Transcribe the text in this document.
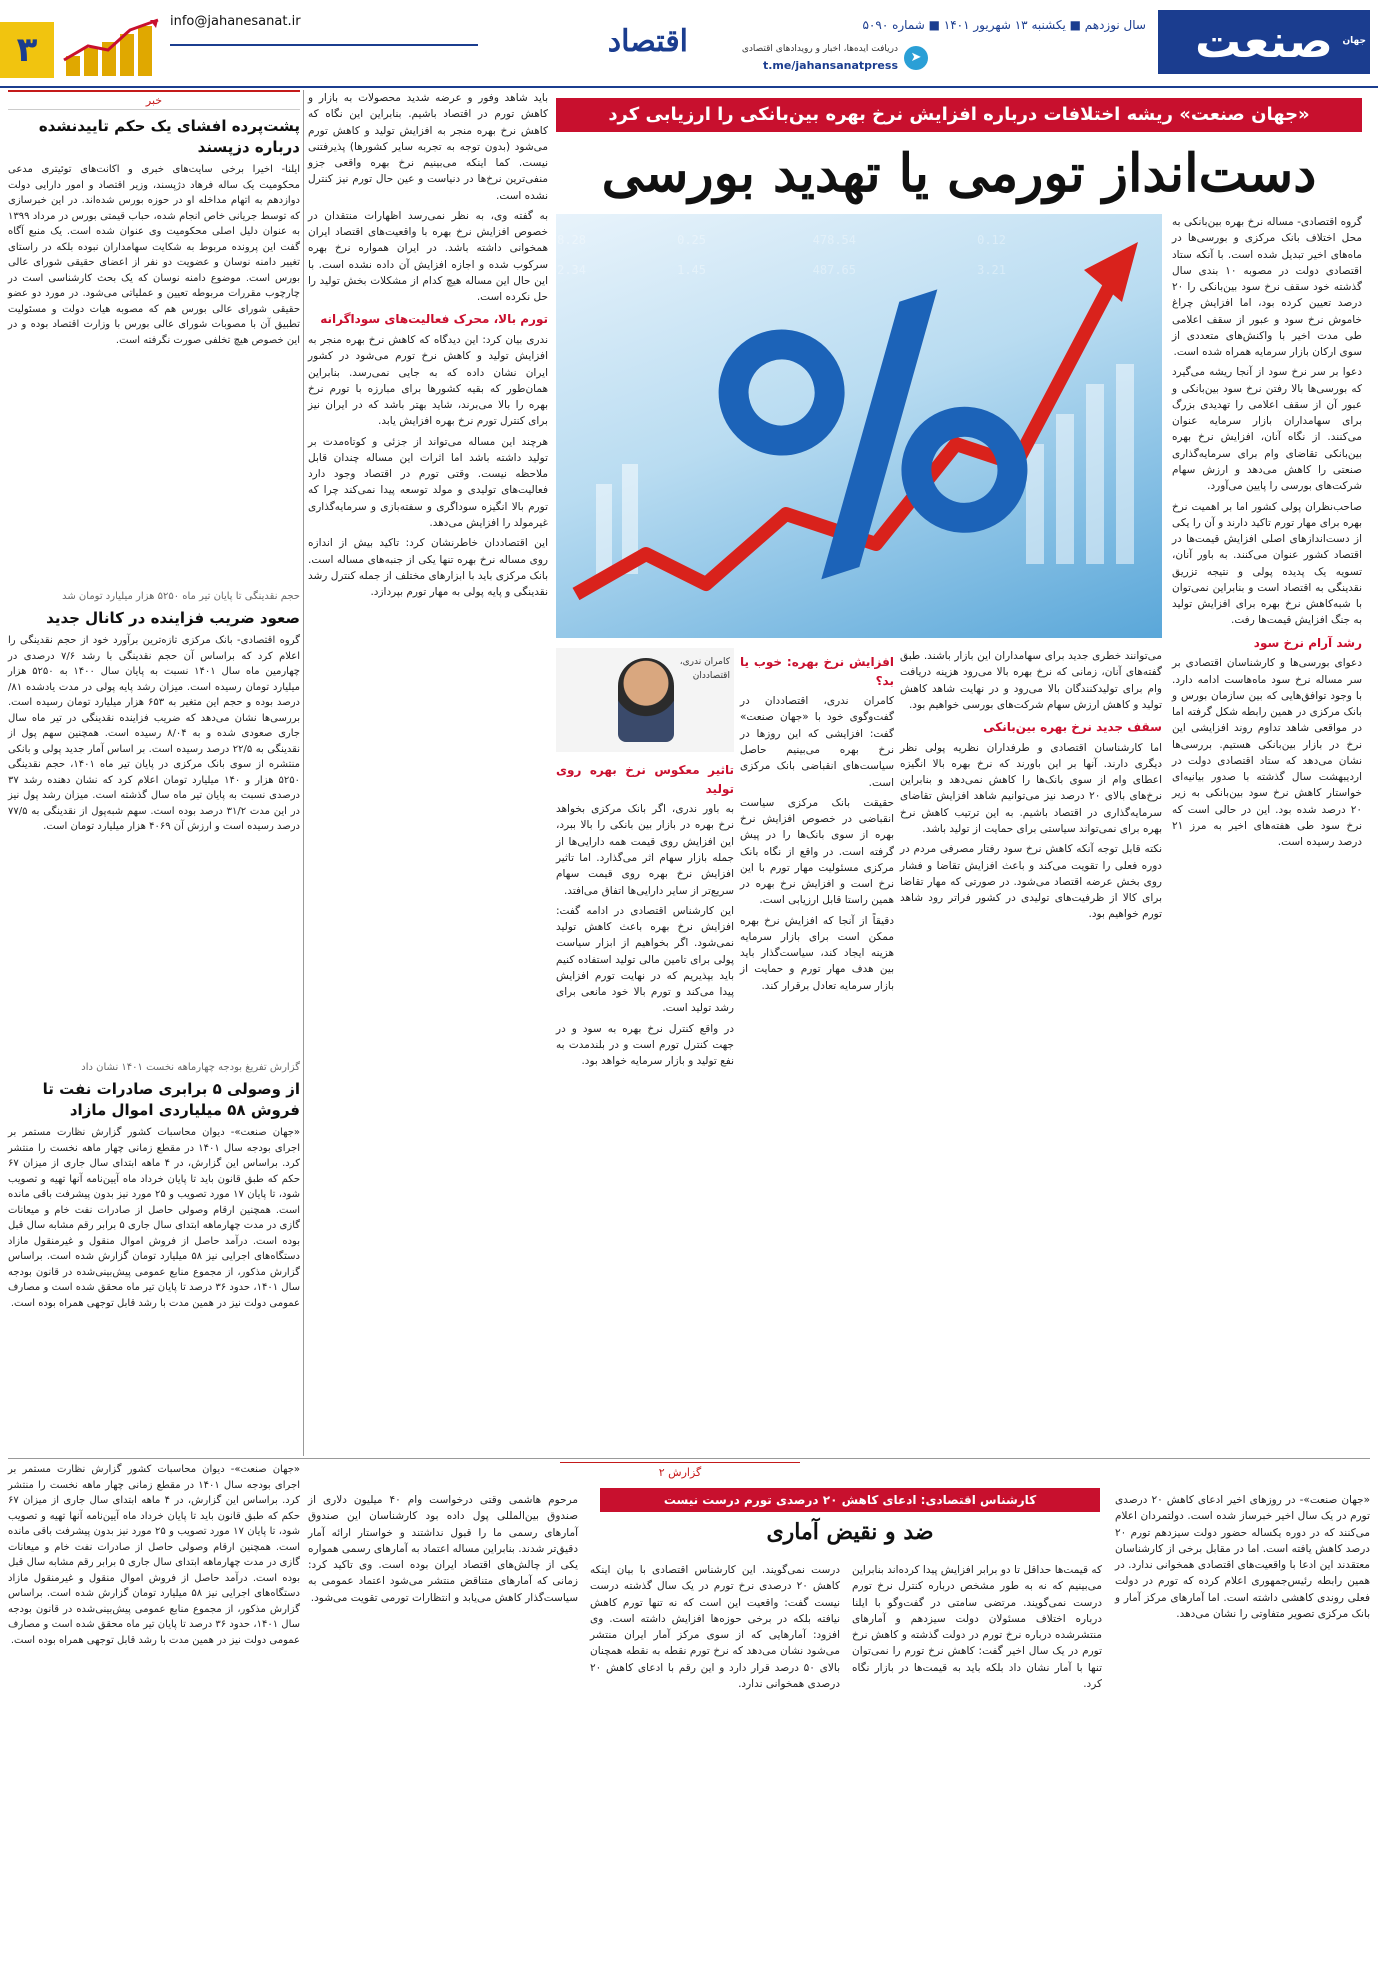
صنعت جهان
سال نوزدهم ■ یکشنبه ۱۳ شهریور ۱۴۰۱ ■ شماره ۵۰۹۰
➤
دریافت ایده‌ها، اخبار و رویدادهای اقتصادی
t.me/jahansanatpress
اقتصاد
info@jahanesanat.ir
۳
«جهان صنعت» ریشه اختلافات درباره افزایش نرخ بهره بین‌بانکی را ارزیابی کرد
دست‌انداز تورمی یا تهدید بورسی
478.28	0.25	478.54	0.12
332.34	1.45	487.65	3.21

گروه اقتصادی- مساله نرخ بهره بین‌بانکی به محل اختلاف بانک مرکزی و بورسی‌ها در ماه‌های اخیر تبدیل شده است. با آنکه ستاد اقتصادی دولت در مصوبه ۱۰ بندی سال گذشته خود سقف نرخ سود بین‌بانکی را ۲۰ درصد تعیین کرده بود، اما افزایش چراغ خاموش نرخ سود و عبور از سقف اعلامی طی مدت اخیر با واکنش‌های متعددی از سوی ارکان بازار سرمایه همراه شده است.

دعوا بر سر نرخ سود از آنجا ریشه می‌گیرد که بورسی‌ها بالا رفتن نرخ سود بین‌بانکی و عبور آن از سقف اعلامی را تهدیدی بزرگ برای سهامداران بازار سرمایه عنوان می‌کنند. از نگاه آنان، افزایش نرخ بهره بین‌بانکی تقاضای وام برای سرمایه‌گذاری صنعتی را کاهش می‌دهد و ارزش سهام شرکت‌های بورسی را پایین می‌آورد.

صاحب‌نظران پولی کشور اما بر اهمیت نرخ بهره برای مهار تورم تاکید دارند و آن را یکی از دست‌اندازهای اصلی افزایش قیمت‌ها در اقتصاد کشور عنوان می‌کنند. به باور آنان، تسویه یک پدیده پولی و نتیجه تزریق نقدینگی به اقتصاد است و بنابراین نمی‌توان با شبه‌کاهش نرخ بهره برای افزایش تولید به جنگ افزایش قیمت‌ها رفت.

رشد آرام نرخ سود

دعوای بورسی‌ها و کارشناسان اقتصادی بر سر مساله نرخ سود ماه‌هاست ادامه دارد. با وجود توافق‌هایی که بین سازمان بورس و بانک مرکزی در همین رابطه شکل گرفته اما در مواقعی شاهد تداوم روند افزایشی این نرخ در بازار بین‌بانکی هستیم. بررسی‌ها نشان می‌دهد که ستاد اقتصادی دولت در اردیبهشت سال گذشته با صدور بیانیه‌ای خواستار کاهش نرخ سود بین‌بانکی به زیر ۲۰ درصد شده بود. این در حالی است که نرخ سود طی هفته‌های اخیر به مرز ۲۱ درصد رسیده است.

می‌توانند خطری جدید برای سهامداران این بازار باشند. طبق گفته‌های آنان، زمانی که نرخ بهره بالا می‌رود هزینه دریافت وام برای تولیدکنندگان بالا می‌رود و در نهایت شاهد کاهش تولید و کاهش ارزش سهام شرکت‌های بورسی خواهیم بود.

سقف جدید نرخ بهره بین‌بانکی

اما کارشناسان اقتصادی و طرفداران نظریه پولی نظر دیگری دارند. آنها بر این باورند که نرخ بهره بالا انگیزه اعطای وام از سوی بانک‌ها را کاهش نمی‌دهد و بنابراین نرخ‌های بالای ۲۰ درصد نیز می‌توانیم شاهد افزایش تقاضای سرمایه‌گذاری در اقتصاد باشیم. به این ترتیب کاهش نرخ بهره برای نمی‌تواند سیاستی برای حمایت از تولید باشد.

نکته قابل توجه آنکه کاهش نرخ سود رفتار مصرفی مردم در دوره فعلی را تقویت می‌کند و باعث افزایش تقاضا و فشار روی بخش عرضه اقتصاد می‌شود. در صورتی که مهار تقاضا برای کالا از ظرفیت‌های تولیدی در کشور فراتر رود شاهد تورم خواهیم بود.

افزایش نرخ بهره: خوب یا بد؟

کامران ندری، اقتصاددان در گفت‌وگوی خود با «جهان صنعت» گفت: افزایشی که این روزها در نرخ بهره می‌بینیم حاصل سیاست‌های انقباضی بانک مرکزی است.

حقیقت بانک مرکزی سیاست انقباضی در خصوص افزایش نرخ بهره از سوی بانک‌ها را در پیش گرفته است. در واقع از نگاه بانک مرکزی مسئولیت مهار تورم با این نرخ است و افزایش نرخ بهره در همین راستا قابل ارزیابی است.

دقیقاً از آنجا که افزایش نرخ بهره ممکن است برای بازار سرمایه هزینه ایجاد کند، سیاست‌گذار باید بین هدف مهار تورم و حمایت از بازار سرمایه تعادل برقرار کند.

کامران ندری، اقتصاددان
تاثیر معکوس نرخ بهره روی تولید

به باور ندری، اگر بانک مرکزی بخواهد نرخ بهره در بازار بین بانکی را بالا ببرد، این افزایش روی قیمت همه دارایی‌ها از جمله بازار سهام اثر می‌گذارد. اما تاثیر افزایش نرخ بهره روی قیمت سهام سریع‌تر از سایر دارایی‌ها اتفاق می‌افتد.

این کارشناس اقتصادی در ادامه گفت: افزایش نرخ بهره باعث کاهش تولید نمی‌شود. اگر بخواهیم از ابزار سیاست پولی برای تامین مالی تولید استفاده کنیم باید بپذیریم که در نهایت تورم افزایش پیدا می‌کند و تورم بالا خود مانعی برای رشد تولید است.

در واقع کنترل نرخ بهره به سود و در جهت کنترل تورم است و در بلندمدت به نفع تولید و بازار سرمایه خواهد بود.

باید شاهد وفور و عرضه شدید محصولات به بازار و کاهش تورم در اقتصاد باشیم. بنابراین این نگاه که کاهش نرخ بهره منجر به افزایش تولید و کاهش تورم می‌شود (بدون توجه به تجربه سایر کشورها) پذیرفتنی نیست. کما اینکه می‌بینیم نرخ بهره واقعی جزو منفی‌ترین نرخ‌ها در دنیاست و عین حال تورم نیز کنترل نشده است.

به گفته وی، به نظر نمی‌رسد اظهارات منتقدان در خصوص افزایش نرخ بهره با واقعیت‌های اقتصاد ایران همخوانی داشته باشد. در ایران همواره نرخ بهره سرکوب شده و اجازه افزایش آن داده نشده است. با این حال این مساله هیچ کدام از مشکلات بخش تولید را حل نکرده است.

تورم بالا، محرک فعالیت‌های سوداگرانه

ندری بیان کرد: این دیدگاه که کاهش نرخ بهره منجر به افزایش تولید و کاهش نرخ تورم می‌شود در کشور ایران نشان داده که به جایی نمی‌رسد. بنابراین همان‌طور که بقیه کشورها برای مبارزه با تورم نرخ بهره را بالا می‌برند، شاید بهتر باشد که در ایران نیز برای کنترل تورم نرخ بهره افزایش یابد.

هرچند این مساله می‌تواند از جزئی و کوتاه‌مدت بر تولید داشته باشد اما اثرات این مساله چندان قابل ملاحظه نیست. وقتی تورم در اقتصاد وجود دارد فعالیت‌های تولیدی و مولد توسعه پیدا نمی‌کند چرا که تورم بالا انگیزه سوداگری و سفته‌بازی و سرمایه‌گذاری غیرمولد را افزایش می‌دهد.

این اقتصاددان خاطرنشان کرد: تاکید بیش از اندازه روی مساله نرخ بهره تنها یکی از جنبه‌های مساله است. بانک مرکزی باید با ابزارهای مختلف از جمله کنترل رشد نقدینگی و پایه پولی به مهار تورم بپردازد.

خبر
پشت‌پرده افشای یک حکم تاییدنشده درباره دزپسند
ایلنا- اخیرا برخی سایت‌های خبری و اکانت‌های توئیتری مدعی محکومیت یک ساله فرهاد دژپسند، وزیر اقتصاد و امور دارایی دولت دوازدهم به اتهام مداخله او در حوزه بورس شده‌اند. در این خبرسازی که توسط جریانی خاص انجام شده، حباب قیمتی بورس در مرداد ۱۳۹۹ به عنوان دلیل اصلی محکومیت وی عنوان شده است. یک منبع آگاه گفت این پرونده مربوط به شکایت سهامداران نبوده بلکه در راستای تغییر دامنه نوسان و عضویت دو نفر از اعضای حقیقی شورای عالی بورس است. موضوع دامنه نوسان که یک بحث کارشناسی است در چارچوب مقررات مربوطه تعیین و عملیاتی می‌شود. در مورد دو عضو حقیقی شورای عالی بورس هم که مصوبه هیات دولت و مسئولیت تطبیق آن با مصوبات شورای عالی بورس با وزارت اقتصاد بوده و در این خصوص هیچ تخلفی صورت نگرفته است.
حجم نقدینگی تا پایان تیر ماه ۵۲۵۰ هزار میلیارد تومان شد
صعود ضریب فزاینده در کانال جدید
گروه اقتصادی- بانک مرکزی تازه‌ترین برآورد خود از حجم نقدینگی را اعلام کرد که براساس آن حجم نقدینگی با رشد ۷/۶ درصدی در چهارمین ماه سال ۱۴۰۱ نسبت به پایان سال ۱۴۰۰ به ۵۲۵۰ هزار میلیارد تومان رسیده است. میزان رشد پایه پولی در مدت یادشده ۸۱/ درصد بوده و حجم این متغیر به ۶۵۳ هزار میلیارد تومان رسیده است. بررسی‌ها نشان می‌دهد که ضریب فزاینده نقدینگی در تیر ماه سال جاری صعودی شده و به ۸/۰۴ رسیده است. همچنین سهم پول از نقدینگی به ۲۲/۵ درصد رسیده است. بر اساس آمار جدید پولی و بانکی منتشره از سوی بانک مرکزی در پایان تیر ماه ۱۴۰۱، حجم نقدینگی ۵۲۵۰ هزار و ۱۴۰ میلیارد تومان اعلام کرد که نشان دهنده رشد ۳۷ درصدی نسبت به پایان تیر ماه سال گذشته است. میزان رشد پول نیز در این مدت ۳۱/۲ درصد بوده است. سهم شبه‌پول از نقدینگی به ۷۷/۵ درصد رسیده است و ارزش آن ۴۰۶۹ هزار میلیارد تومان است.
گزارش تفریغ بودجه چهارماهه نخست ۱۴۰۱ نشان داد
از وصولی ۵ برابری صادرات نفت تا فروش ۵۸ میلیاردی اموال مازاد
«جهان صنعت»- دیوان محاسبات کشور گزارش نظارت مستمر بر اجرای بودجه سال ۱۴۰۱ در مقطع زمانی چهار ماهه نخست را منتشر کرد. براساس این گزارش، در ۴ ماهه ابتدای سال جاری از میزان ۶۷ حکم که طبق قانون باید تا پایان خرداد ماه آیین‌نامه آنها تهیه و تصویب شود، تا پایان ۱۷ مورد تصویب و ۲۵ مورد نیز بدون پیشرفت باقی مانده است. همچنین ارقام وصولی حاصل از صادرات نفت خام و میعانات گازی در مدت چهارماهه ابتدای سال جاری ۵ برابر رقم مشابه سال قبل بوده است. درآمد حاصل از فروش اموال منقول و غیرمنقول مازاد دستگاه‌های اجرایی نیز ۵۸ میلیارد تومان گزارش شده است. براساس گزارش مذکور، از مجموع منابع عمومی پیش‌بینی‌شده در قانون بودجه سال ۱۴۰۱، حدود ۳۶ درصد تا پایان تیر ماه محقق شده است و مصارف عمومی دولت نیز در همین مدت با رشد قابل توجهی همراه بوده است.
گزارش ۲
کارشناس اقتصادی: ادعای کاهش ۲۰ درصدی تورم درست نیست
ضد و نقیض آماری
«جهان صنعت»- در روزهای اخیر ادعای کاهش ۲۰ درصدی تورم در یک سال اخیر خبرساز شده است. دولتمردان اعلام می‌کنند که در دوره یکساله حضور دولت سیزدهم تورم ۲۰ درصد کاهش یافته است. اما در مقابل برخی از کارشناسان معتقدند این ادعا با واقعیت‌های اقتصادی همخوانی ندارد. در همین رابطه رئیس‌جمهوری اعلام کرده که تورم در دولت فعلی روندی کاهشی داشته است. اما آمارهای مرکز آمار و بانک مرکزی تصویر متفاوتی را نشان می‌دهد.
که قیمت‌ها حداقل تا دو برابر افزایش پیدا کرده‌اند بنابراین می‌بینیم که نه به طور مشخص درباره کنترل نرخ تورم درست نمی‌گویند. مرتضی سامتی در گفت‌وگو با ایلنا درباره اختلاف مسئولان دولت سیزدهم و آمارهای منتشرشده درباره نرخ تورم در دولت گذشته و کاهش نرخ تورم در یک سال اخیر گفت: کاهش نرخ تورم را نمی‌توان تنها با آمار نشان داد بلکه باید به قیمت‌ها در بازار نگاه کرد.
درست نمی‌گویند. این کارشناس اقتصادی با بیان اینکه کاهش ۲۰ درصدی نرخ تورم در یک سال گذشته درست نیست گفت: واقعیت این است که نه تنها تورم کاهش نیافته بلکه در برخی حوزه‌ها افزایش داشته است. وی افزود: آمارهایی که از سوی مرکز آمار ایران منتشر می‌شود نشان می‌دهد که نرخ تورم نقطه به نقطه همچنان بالای ۵۰ درصد قرار دارد و این رقم با ادعای کاهش ۲۰ درصدی همخوانی ندارد.
مرحوم هاشمی وقتی درخواست وام ۴۰ میلیون دلاری از صندوق بین‌المللی پول داده بود کارشناسان این صندوق آمارهای رسمی ما را قبول نداشتند و خواستار ارائه آمار دقیق‌تر شدند. بنابراین مساله اعتماد به آمارهای رسمی همواره یکی از چالش‌های اقتصاد ایران بوده است. وی تاکید کرد: زمانی که آمارهای متناقض منتشر می‌شود اعتماد عمومی به سیاست‌گذار کاهش می‌یابد و انتظارات تورمی تقویت می‌شود.
«جهان صنعت»- دیوان محاسبات کشور گزارش نظارت مستمر بر اجرای بودجه سال ۱۴۰۱ در مقطع زمانی چهار ماهه نخست را منتشر کرد. براساس این گزارش، در ۴ ماهه ابتدای سال جاری از میزان ۶۷ حکم که طبق قانون باید تا پایان خرداد ماه آیین‌نامه آنها تهیه و تصویب شود، تا پایان ۱۷ مورد تصویب و ۲۵ مورد نیز بدون پیشرفت باقی مانده است. همچنین ارقام وصولی حاصل از صادرات نفت خام و میعانات گازی در مدت چهارماهه ابتدای سال جاری ۵ برابر رقم مشابه سال قبل بوده است. درآمد حاصل از فروش اموال منقول و غیرمنقول مازاد دستگاه‌های اجرایی نیز ۵۸ میلیارد تومان گزارش شده است. براساس گزارش مذکور، از مجموع منابع عمومی پیش‌بینی‌شده در قانون بودجه سال ۱۴۰۱، حدود ۳۶ درصد تا پایان تیر ماه محقق شده است و مصارف عمومی دولت نیز در همین مدت با رشد قابل توجهی همراه بوده است.
